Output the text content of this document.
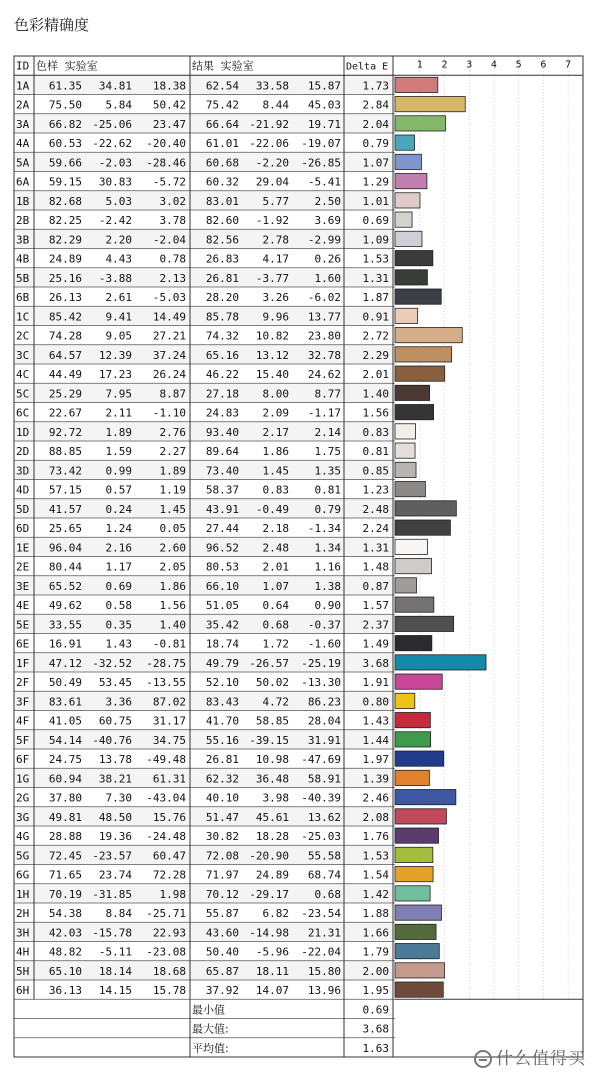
色彩精确度
ID 色样 实验室	结果 实验室	Delta E	1 2 3 4 5 6 7
1A 61.35 34.81 18.38 62.54 33.58 15.87 1.73
2A 75.50 5.84 50.42 75.42 8.44 45.03 2.84
3A 66.82 -25.06 23.47 66.64 -21.92 19.71 2.04
4A 60.53 -22.62 -20.40 61.01 -22.06 -19.07 0.79
5A 59.66 -2.03 -28.46 60.68 -2.20 -26.85 1.07
6A 59.15 30.83 -5.72 60.32 29.04 -5.41 1.29
1B 82.68 5.03	3.02 83.01 5.77 2.50 1.01
2B 82.25 -2.42	3.78 82.60 -1.92 3.69 0.69
3B 82.29 2.20 -2.04 82.56 2.78 -2.99 1.09
4B 24.89 4.43	0.78 26.83 4.17 0.26 1.53
5B 25.16 -3.88	2.13 26.81 -3.77 1.60 1.31
6B 26.13 2.61 -5.03 28.20 3.26 -6.02 1.87
1C 85.42 9.41 14.49 85.78 9.96 13.77 0.91
2C 74.28 9.05 27.21 74.32 10.82 23.80 2.72
3C 64.57 12.39 37.24 65.16 13.12 32.78 2.29
4C 44.49 17.23 26.24 46.22 15.40 24.62 2.01
5C 25.29 7.95	8.87 27.18 8.00 8.77 1.40
6C 22.67 2.11 -1.10 24.83 2.09 -1.17 1.56
1D 92.72 1.89	2.76 93.40 2.17 2.14 0.83
2D 88.85 1.59	2.27 89.64 1.86 1.75 0.81
3D 73.42 0.99	1.89 73.40 1.45 1.35 0.85
4D 57.15 0.57	1.19 58.37 0.83 0.81 1.23
5D 41.57 0.24	1.45 43.91 -0.49 0.79 2.48
6D 25.65 1.24	0.05 27.44 2.18 -1.34 2.24
1E 96.04 2.16	2.60 96.52 2.48 1.34 1.31
2E 80.44 1.17	2.05 80.53 2.01 1.16 1.48
3E 65.52 0.69	1.86 66.10 1.07 1.38 0.87
4E 49.62 0.58	1.56 51.05 0.64 0.90 1.57
5E 33.55 0.35	1.40 35.42 0.68 -0.37 2.37
6E 16.91 1.43 -0.81 18.74 1.72 -1.60 1.49
1F 47.12 -32.52 -28.75 49.79 -26.57 -25.19 3.68
2F 50.49 53.45 -13.55 52.10 50.02 -13.30 1.91
3F 83.61 3.36 87.02 83.43 4.72 86.23 0.80
4F 41.05 60.75 31.17 41.70 58.85 28.04 1.43
5F 54.14 -40.76 34.75 55.16 -39.15 31.91 1.44
6F 24.75 13.78 -49.48 26.81 10.98 -47.69 1.97
1G 60.94 38.21 61.31 62.32 36.48 58.91 1.39
2G 37.80 7.30 -43.04 40.10 3.98 -40.39 2.46
3G 49.81 48.50 15.76 51.47 45.61 13.62 2.08
4G 28.88 19.36 -24.48 30.82 18.28 -25.03 1.76
5G 72.45 -23.57 60.47 72.08 -20.90 55.58 1.53
6G 71.65 23.74 72.28 71.97 24.89 68.74 1.54
1H 70.19 -31.85	1.98 70.12 -29.17 0.68 1.42
2H 54.38 8.84 -25.71 55.87 6.82 -23.54 1.88
3H 42.03 -15.78 22.93 43.60 -14.98 21.31 1.66
4H 48.82 -5.11 -23.08 50.40 -5.96 -22.04 1.79
5H 65.10 18.14 18.68 65.87 18.11 15.80 2.00
6H 36.13 14.15 15.78 37.92 14.07 13.96 1.95
最小值	0.69
最大值:	3.68
平均值:	1.63
什么值得买
